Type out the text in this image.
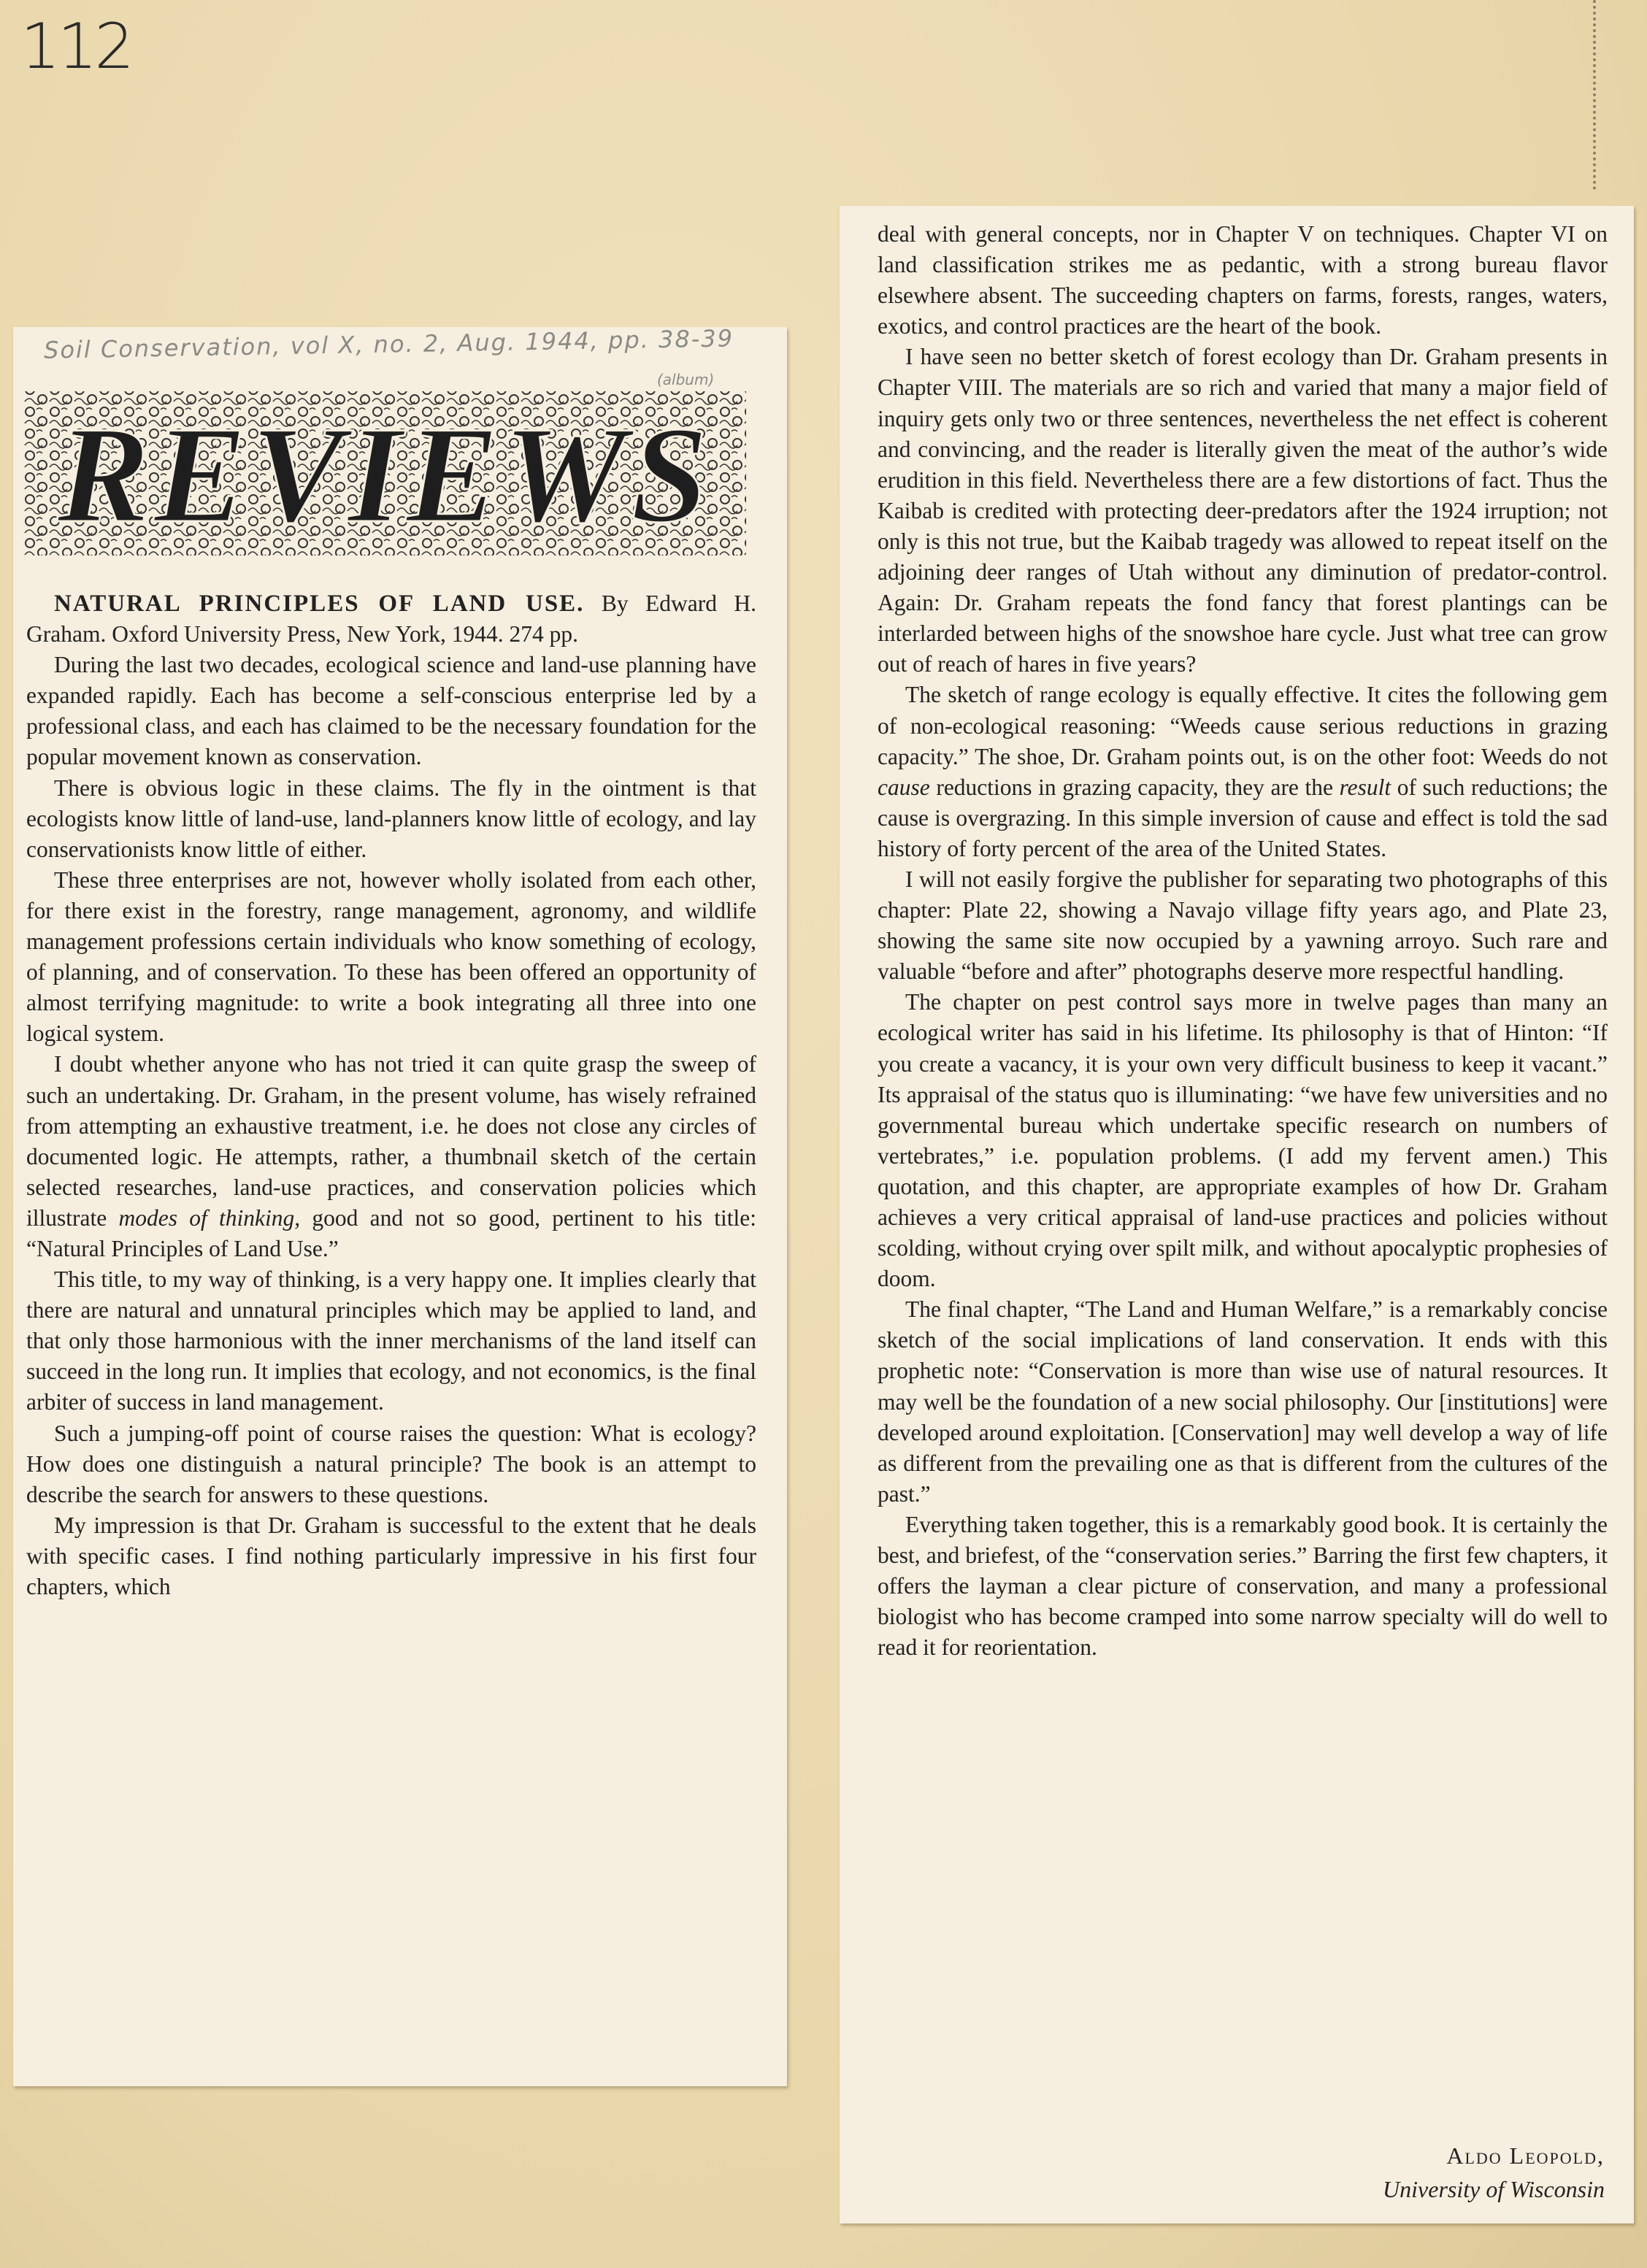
112
Soil Conservation, vol X, no. 2, Aug. 1944, pp. 38-39
(album)
REVIEWS

NATURAL PRINCIPLES OF LAND USE. By Edward H. Graham. Oxford University Press, New York, 1944. 274 pp.

During the last two decades, ecological science and land-use planning have expanded rapidly. Each has become a self-conscious enterprise led by a professional class, and each has claimed to be the necessary foundation for the popular movement known as conservation.

There is obvious logic in these claims. The fly in the ointment is that ecologists know little of land-use, land-planners know little of ecology, and lay conservationists know little of either.

These three enterprises are not, however wholly isolated from each other, for there exist in the forestry, range management, agronomy, and wildlife management professions certain individuals who know something of ecology, of planning, and of conservation. To these has been offered an opportunity of almost terrifying magnitude: to write a book integrating all three into one logical system.

I doubt whether anyone who has not tried it can quite grasp the sweep of such an undertaking. Dr. Graham, in the present volume, has wisely refrained from attempting an exhaustive treatment, i.e. he does not close any circles of documented logic. He attempts, rather, a thumbnail sketch of the certain selected researches, land-use practices, and conservation policies which illustrate modes of thinking, good and not so good, pertinent to his title: “Natural Principles of Land Use.”

This title, to my way of thinking, is a very happy one. It implies clearly that there are natural and unnatural principles which may be applied to land, and that only those harmonious with the inner merchanisms of the land itself can succeed in the long run. It implies that ecology, and not economics, is the final arbiter of success in land management.

Such a jumping-off point of course raises the question: What is ecology? How does one distinguish a natural principle? The book is an attempt to describe the search for answers to these questions.

My impression is that Dr. Graham is successful to the extent that he deals with specific cases. I find nothing particularly impressive in his first four chapters, which

deal with general concepts, nor in Chapter V on techniques. Chapter VI on land classification strikes me as pedantic, with a strong bureau flavor elsewhere absent. The succeeding chapters on farms, forests, ranges, waters, exotics, and control practices are the heart of the book.

I have seen no better sketch of forest ecology than Dr. Graham presents in Chapter VIII. The materials are so rich and varied that many a major field of inquiry gets only two or three sentences, nevertheless the net effect is coherent and convincing, and the reader is literally given the meat of the author’s wide erudition in this field. Nevertheless there are a few distortions of fact. Thus the Kaibab is credited with protecting deer-predators after the 1924 irruption; not only is this not true, but the Kaibab tragedy was allowed to repeat itself on the adjoining deer ranges of Utah without any diminution of predator-control. Again: Dr. Graham repeats the fond fancy that forest plantings can be interlarded between highs of the snowshoe hare cycle. Just what tree can grow out of reach of hares in five years?

The sketch of range ecology is equally effective. It cites the following gem of non-ecological reasoning: “Weeds cause serious reductions in grazing capacity.” The shoe, Dr. Graham points out, is on the other foot: Weeds do not cause reductions in grazing capacity, they are the result of such reductions; the cause is overgrazing. In this simple inversion of cause and effect is told the sad history of forty percent of the area of the United States.

I will not easily forgive the publisher for separating two photographs of this chapter: Plate 22, showing a Navajo village fifty years ago, and Plate 23, showing the same site now occupied by a yawning arroyo. Such rare and valuable “before and after” photographs deserve more respectful handling.

The chapter on pest control says more in twelve pages than many an ecological writer has said in his lifetime. Its philosophy is that of Hinton: “If you create a vacancy, it is your own very difficult business to keep it vacant.” Its appraisal of the status quo is illuminating: “we have few universities and no governmental bureau which undertake specific research on numbers of vertebrates,” i.e. population problems. (I add my fervent amen.) This quotation, and this chapter, are appropriate examples of how Dr. Graham achieves a very critical appraisal of land-use practices and policies without scolding, without crying over spilt milk, and without apocalyptic prophesies of doom.

The final chapter, “The Land and Human Welfare,” is a remarkably concise sketch of the social implications of land conservation. It ends with this prophetic note: “Conservation is more than wise use of natural resources. It may well be the foundation of a new social philosophy. Our [institutions] were developed around exploitation. [Conservation] may well develop a way of life as different from the prevailing one as that is different from the cultures of the past.”

Everything taken together, this is a remarkably good book. It is certainly the best, and briefest, of the “conservation series.” Barring the first few chapters, it offers the layman a clear picture of conservation, and many a professional biologist who has become cramped into some narrow specialty will do well to read it for reorientation.

Aldo Leopold,
University of Wisconsin
